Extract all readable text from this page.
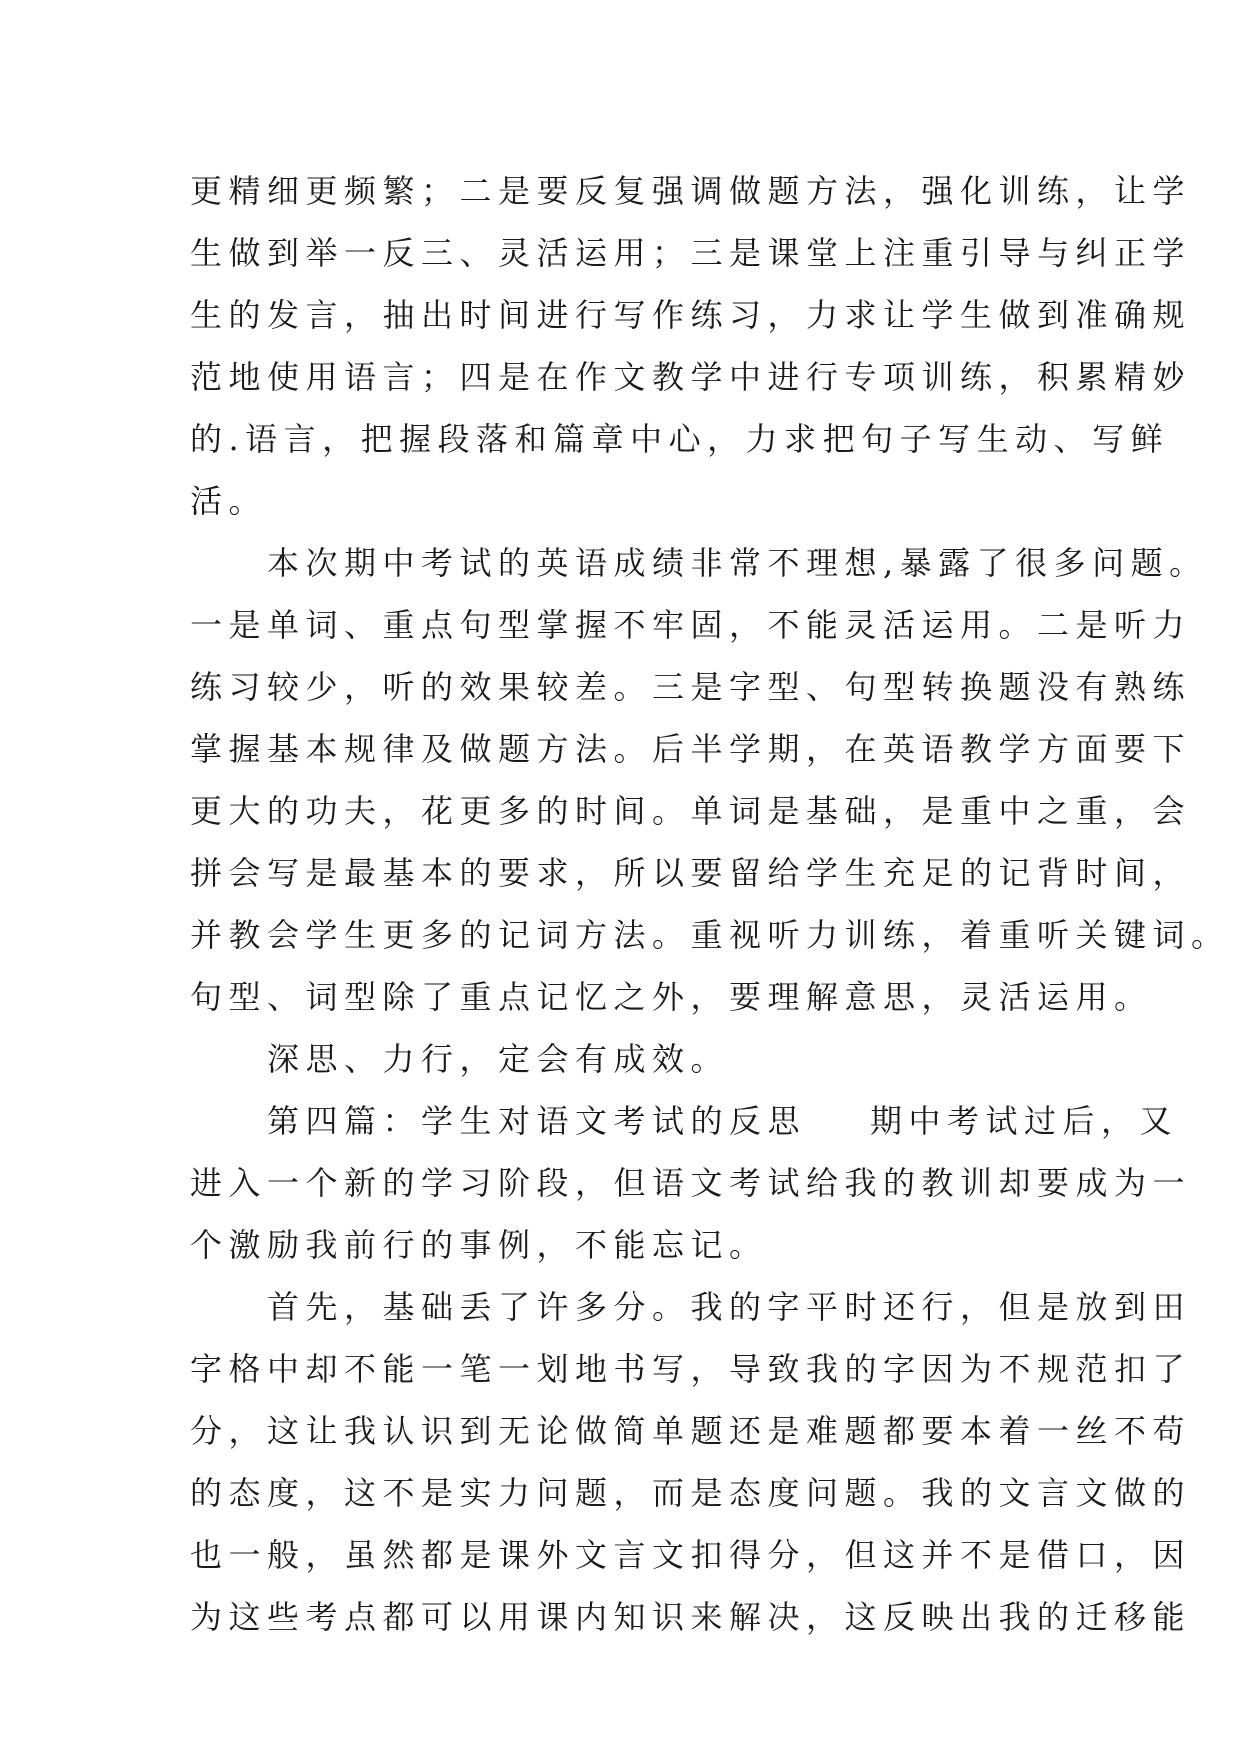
更精细更频繁；二是要反复强调做题方法，强化训练，让学
生做到举一反三、灵活运用；三是课堂上注重引导与纠正学
生的发言，抽出时间进行写作练习，力求让学生做到准确规
范地使用语言；四是在作文教学中进行专项训练，积累精妙
的.语言，把握段落和篇章中心，力求把句子写生动、写鲜
活。

　　本次期中考试的英语成绩非常不理想,暴露了很多问题。
一是单词、重点句型掌握不牢固，不能灵活运用。二是听力
练习较少，听的效果较差。三是字型、句型转换题没有熟练
掌握基本规律及做题方法。后半学期，在英语教学方面要下
更大的功夫，花更多的时间。单词是基础，是重中之重，会
拼会写是最基本的要求，所以要留给学生充足的记背时间，
并教会学生更多的记词方法。重视听力训练，着重听关键词。
句型、词型除了重点记忆之外，要理解意思，灵活运用。

　　深思、力行，定会有成效。

　　第四篇：学生对语文考试的反思 期中考试过后，又
进入一个新的学习阶段，但语文考试给我的教训却要成为一
个激励我前行的事例，不能忘记。

　　首先，基础丢了许多分。我的字平时还行，但是放到田
字格中却不能一笔一划地书写，导致我的字因为不规范扣了
分，这让我认识到无论做简单题还是难题都要本着一丝不苟
的态度，这不是实力问题，而是态度问题。我的文言文做的
也一般，虽然都是课外文言文扣得分，但这并不是借口，因
为这些考点都可以用课内知识来解决，这反映出我的迁移能
